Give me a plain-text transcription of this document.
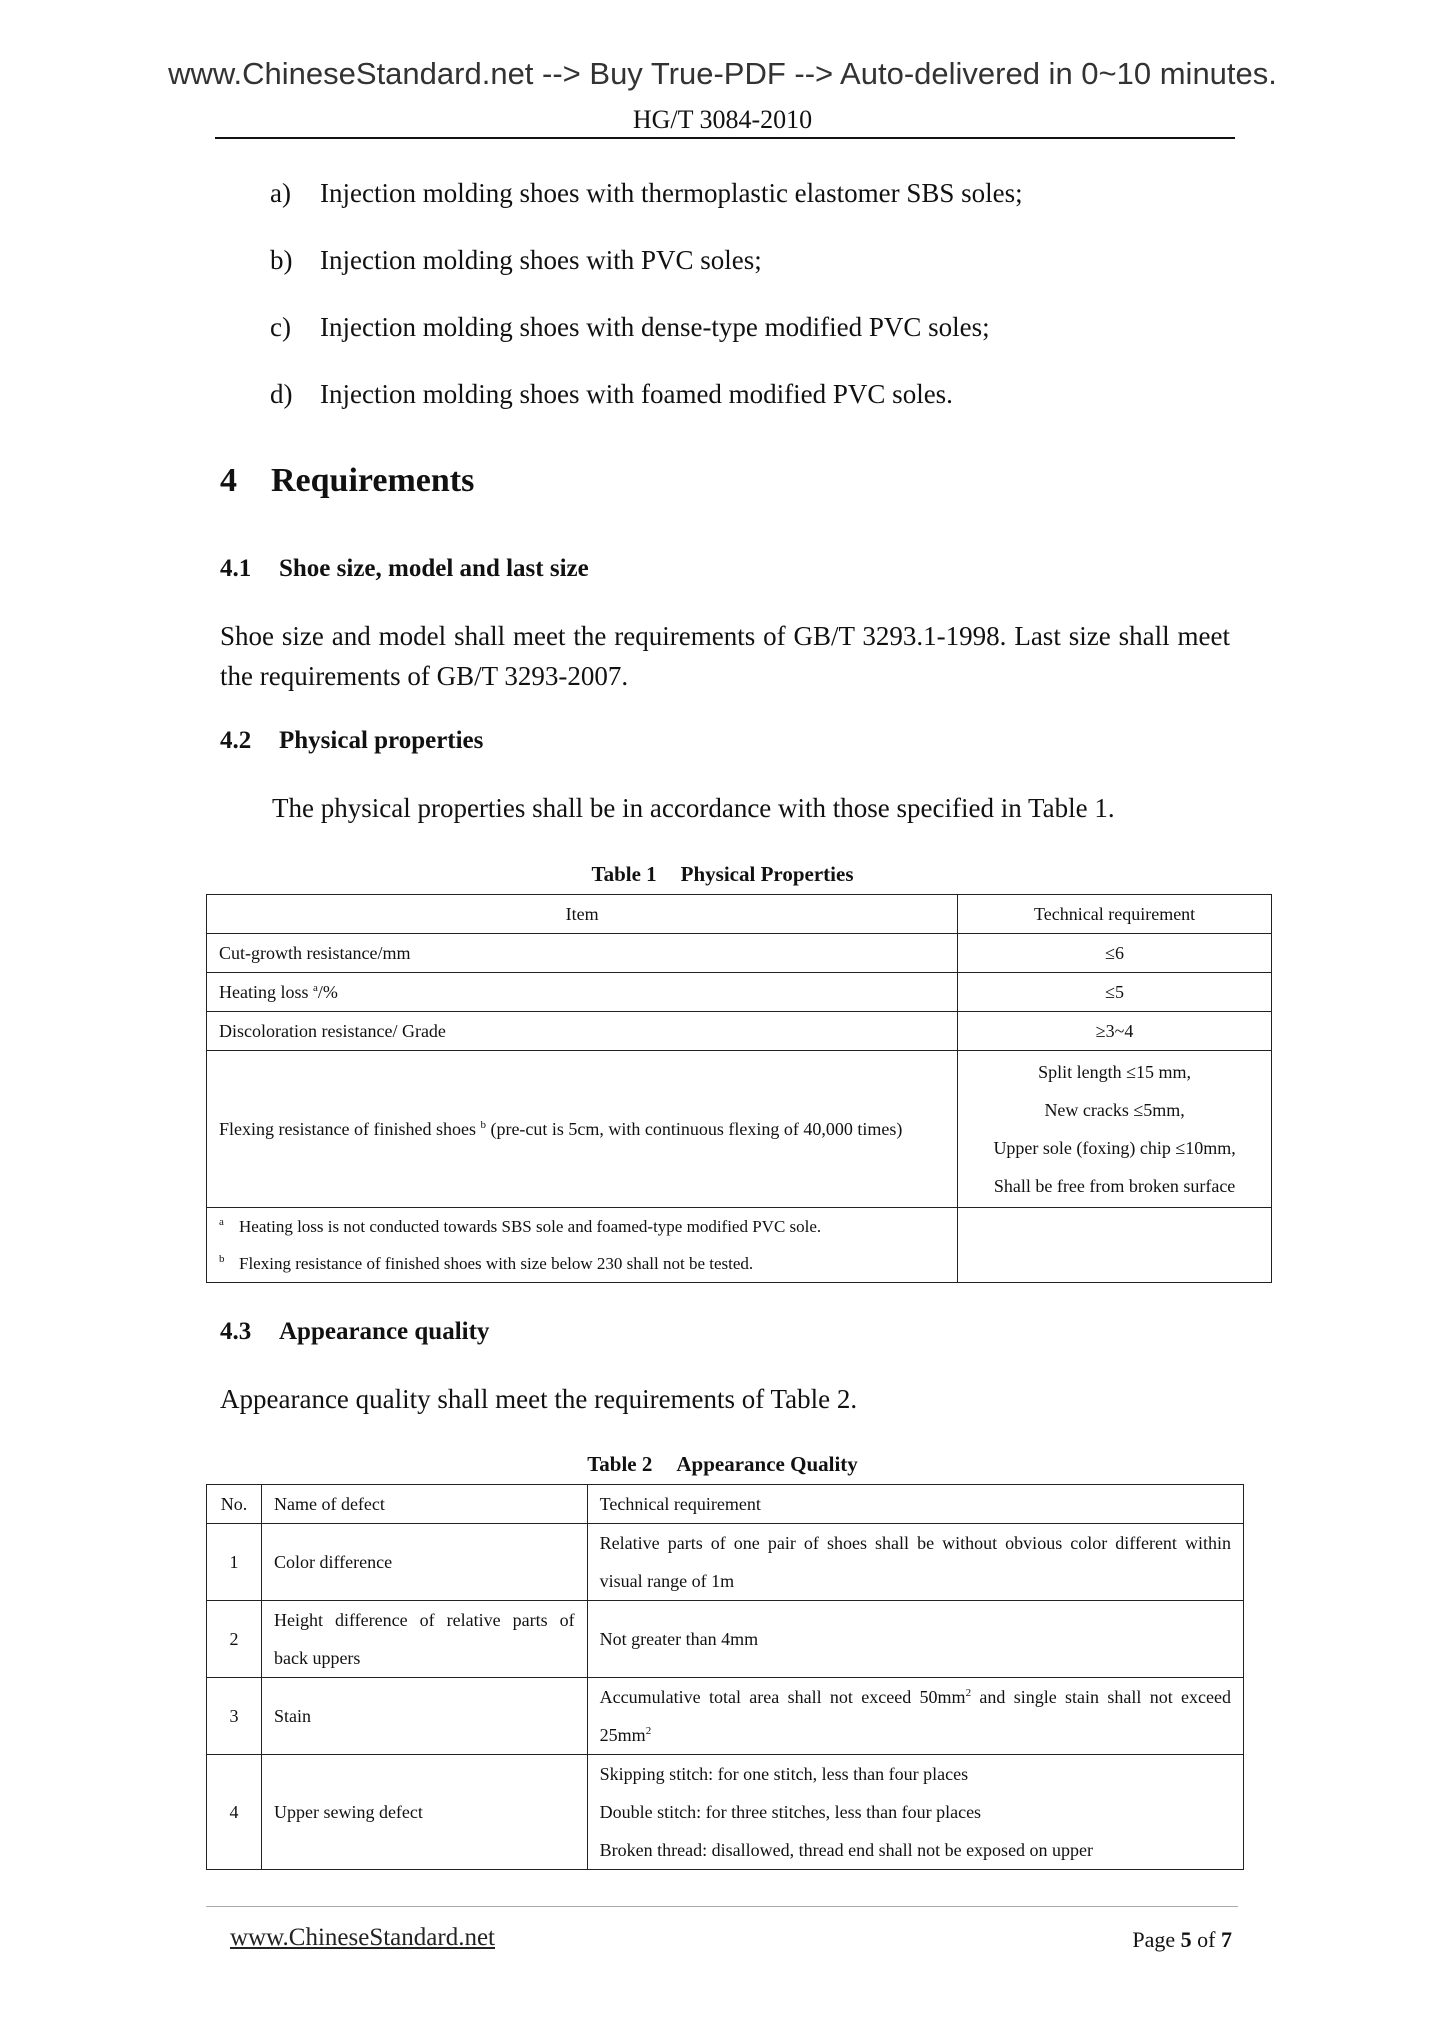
www.ChineseStandard.net --> Buy True-PDF --> Auto-delivered in 0~10 minutes.
HG/T 3084-2010
a) Injection molding shoes with thermoplastic elastomer SBS soles;
b) Injection molding shoes with PVC soles;
c) Injection molding shoes with dense-type modified PVC soles;
d) Injection molding shoes with foamed modified PVC soles.
4 Requirements
4.1 Shoe size, model and last size
Shoe size and model shall meet the requirements of GB/T 3293.1-1998. Last size shall meet the requirements of GB/T 3293-2007.
4.2 Physical properties
The physical properties shall be in accordance with those specified in Table 1.
Table 1 Physical Properties
Item	Technical requirement
Cut-growth resistance/mm	≤6
Heating loss $^a$/%	≤5
Discoloration resistance/ Grade	≥3~4
Flexing resistance of finished shoes $^b$ (pre-cut is 5cm, with continuous flexing of 40,000 times)	Split length ≤15 mm,
New cracks ≤5mm,
Upper sole (foxing) chip ≤10mm,
Shall be free from broken surface

a Heating loss is not conducted towards SBS sole and foamed-type modified PVC sole.
b Flexing resistance of finished shoes with size below 230 shall not be tested.	

4.3 Appearance quality
Appearance quality shall meet the requirements of Table 2.
Table 2 Appearance Quality
No.	Name of defect	Technical requirement
1	Color difference	Relative parts of one pair of shoes shall be without obvious color different within visual range of 1m
2	Height difference of relative parts of back uppers	Not greater than 4mm
3	Stain	Accumulative total area shall not exceed $50mm^2$ and single stain shall not exceed $25mm^2$
4	Upper sewing defect	Skipping stitch: for one stitch, less than four places
Double stitch: for three stitches, less than four places
Broken thread: disallowed, thread end shall not be exposed on upper
www.ChineseStandard.net	Page 5 of 7
